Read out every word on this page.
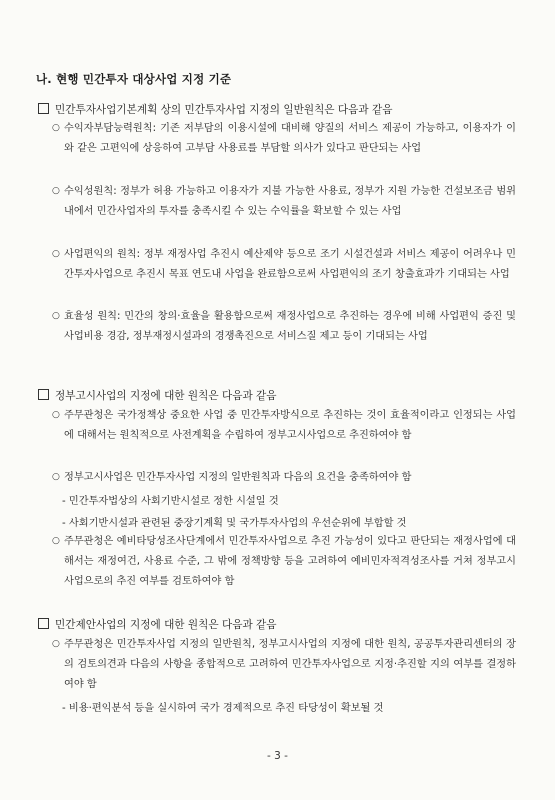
나. 현행 민간투자 대상사업 지정 기준
민간투자사업기본계획 상의 민간투자사업 지정의 일반원칙은 다음과 같음
○ 수익자부담능력원칙: 기존 저부담의 이용시설에 대비해 양질의 서비스 제공이 가능하고, 이용자가 이와 같은 고편익에 상응하여 고부담 사용료를 부담할 의사가 있다고 판단되는 사업
○ 수익성원칙: 정부가 허용 가능하고 이용자가 지불 가능한 사용료, 정부가 지원 가능한 건설보조금 범위 내에서 민간사업자의 투자를 충족시킬 수 있는 수익률을 확보할 수 있는 사업
○ 사업편익의 원칙: 정부 재정사업 추진시 예산제약 등으로 조기 시설건설과 서비스 제공이 어려우나 민간투자사업으로 추진시 목표 연도내 사업을 완료함으로써 사업편익의 조기 창출효과가 기대되는 사업
○ 효율성 원칙: 민간의 창의·효율을 활용함으로써 재정사업으로 추진하는 경우에 비해 사업편익 증진 및 사업비용 경감, 정부재정시설과의 경쟁촉진으로 서비스질 제고 등이 기대되는 사업
정부고시사업의 지정에 대한 원칙은 다음과 같음
○ 주무관청은 국가정책상 중요한 사업 중 민간투자방식으로 추진하는 것이 효율적이라고 인정되는 사업에 대해서는 원칙적으로 사전계획을 수립하여 정부고시사업으로 추진하여야 함
○ 정부고시사업은 민간투자사업 지정의 일반원칙과 다음의 요건을 충족하여야 함
- 민간투자법상의 사회기반시설로 정한 시설일 것
- 사회기반시설과 관련된 중장기계획 및 국가투자사업의 우선순위에 부합할 것
○ 주무관청은 예비타당성조사단계에서 민간투자사업으로 추진 가능성이 있다고 판단되는 재정사업에 대해서는 재정여건, 사용료 수준, 그 밖에 정책방향 등을 고려하여 예비민자적격성조사를 거쳐 정부고시사업으로의 추진 여부를 검토하여야 함
민간제안사업의 지정에 대한 원칙은 다음과 같음
○ 주무관청은 민간투자사업 지정의 일반원칙, 정부고시사업의 지정에 대한 원칙, 공공투자관리센터의 장의 검토의견과 다음의 사항을 종합적으로 고려하여 민간투자사업으로 지정·추진할 지의 여부를 결정하여야 함
- 비용·편익분석 등을 실시하여 국가 경제적으로 추진 타당성이 확보될 것
- 3 -
